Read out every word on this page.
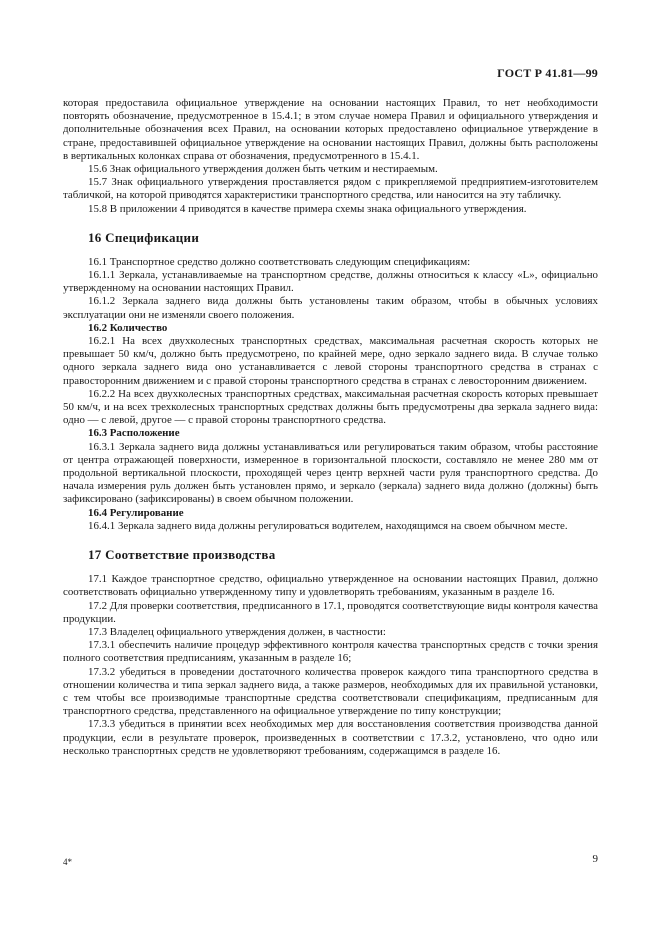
ГОСТ Р 41.81—99

которая предоставила официальное утверждение на основании настоящих Правил, то нет необходимости повторять обозначение, предусмотренное в 15.4.1; в этом случае номера Правил и официального утверждения и дополнительные обозначения всех Правил, на основании которых предоставлено официальное утверждение в стране, предоставившей официальное утверждение на основании настоящих Правил, должны быть расположены в вертикальных колонках справа от обозначения, предусмотренного в 15.4.1.

15.6 Знак официального утверждения должен быть четким и нестираемым.

15.7 Знак официального утверждения проставляется рядом с прикрепляемой предприятием-изготовителем табличкой, на которой приводятся характеристики транспортного средства, или наносится на эту табличку.

15.8 В приложении 4 приводятся в качестве примера схемы знака официального утверждения.

16 Спецификации

16.1 Транспортное средство должно соответствовать следующим спецификациям:

16.1.1 Зеркала, устанавливаемые на транспортном средстве, должны относиться к классу «L», официально утвержденному на основании настоящих Правил.

16.1.2 Зеркала заднего вида должны быть установлены таким образом, чтобы в обычных условиях эксплуатации они не изменяли своего положения.

16.2 Количество

16.2.1 На всех двухколесных транспортных средствах, максимальная расчетная скорость которых не превышает 50 км/ч, должно быть предусмотрено, по крайней мере, одно зеркало заднего вида. В случае только одного зеркала заднего вида оно устанавливается с левой стороны транспортного средства в странах с правосторонним движением и с правой стороны транспортного средства в странах с левосторонним движением.

16.2.2 На всех двухколесных транспортных средствах, максимальная расчетная скорость которых превышает 50 км/ч, и на всех трехколесных транспортных средствах должны быть предусмотрены два зеркала заднего вида: одно — с левой, другое — с правой стороны транспортного средства.

16.3 Расположение

16.3.1 Зеркала заднего вида должны устанавливаться или регулироваться таким образом, чтобы расстояние от центра отражающей поверхности, измеренное в горизонтальной плоскости, составляло не менее 280 мм от продольной вертикальной плоскости, проходящей через центр верхней части руля транспортного средства. До начала измерения руль должен быть установлен прямо, и зеркало (зеркала) заднего вида должно (должны) быть зафиксировано (зафиксированы) в своем обычном положении.

16.4 Регулирование

16.4.1 Зеркала заднего вида должны регулироваться водителем, находящимся на своем обычном месте.

17 Соответствие производства

17.1 Каждое транспортное средство, официально утвержденное на основании настоящих Правил, должно соответствовать официально утвержденному типу и удовлетворять требованиям, указанным в разделе 16.

17.2 Для проверки соответствия, предписанного в 17.1, проводятся соответствующие виды контроля качества продукции.

17.3 Владелец официального утверждения должен, в частности:

17.3.1 обеспечить наличие процедур эффективного контроля качества транспортных средств с точки зрения полного соответствия предписаниям, указанным в разделе 16;

17.3.2 убедиться в проведении достаточного количества проверок каждого типа транспортного средства в отношении количества и типа зеркал заднего вида, а также размеров, необходимых для их правильной установки, с тем чтобы все производимые транспортные средства соответствовали спецификациям, предписанным для транспортного средства, представленного на официальное утверждение по типу конструкции;

17.3.3 убедиться в принятии всех необходимых мер для восстановления соответствия производства данной продукции, если в результате проверок, произведенных в соответствии с 17.3.2, установлено, что одно или несколько транспортных средств не удовлетворяют требованиям, содержащимся в разделе 16.

4*	9
